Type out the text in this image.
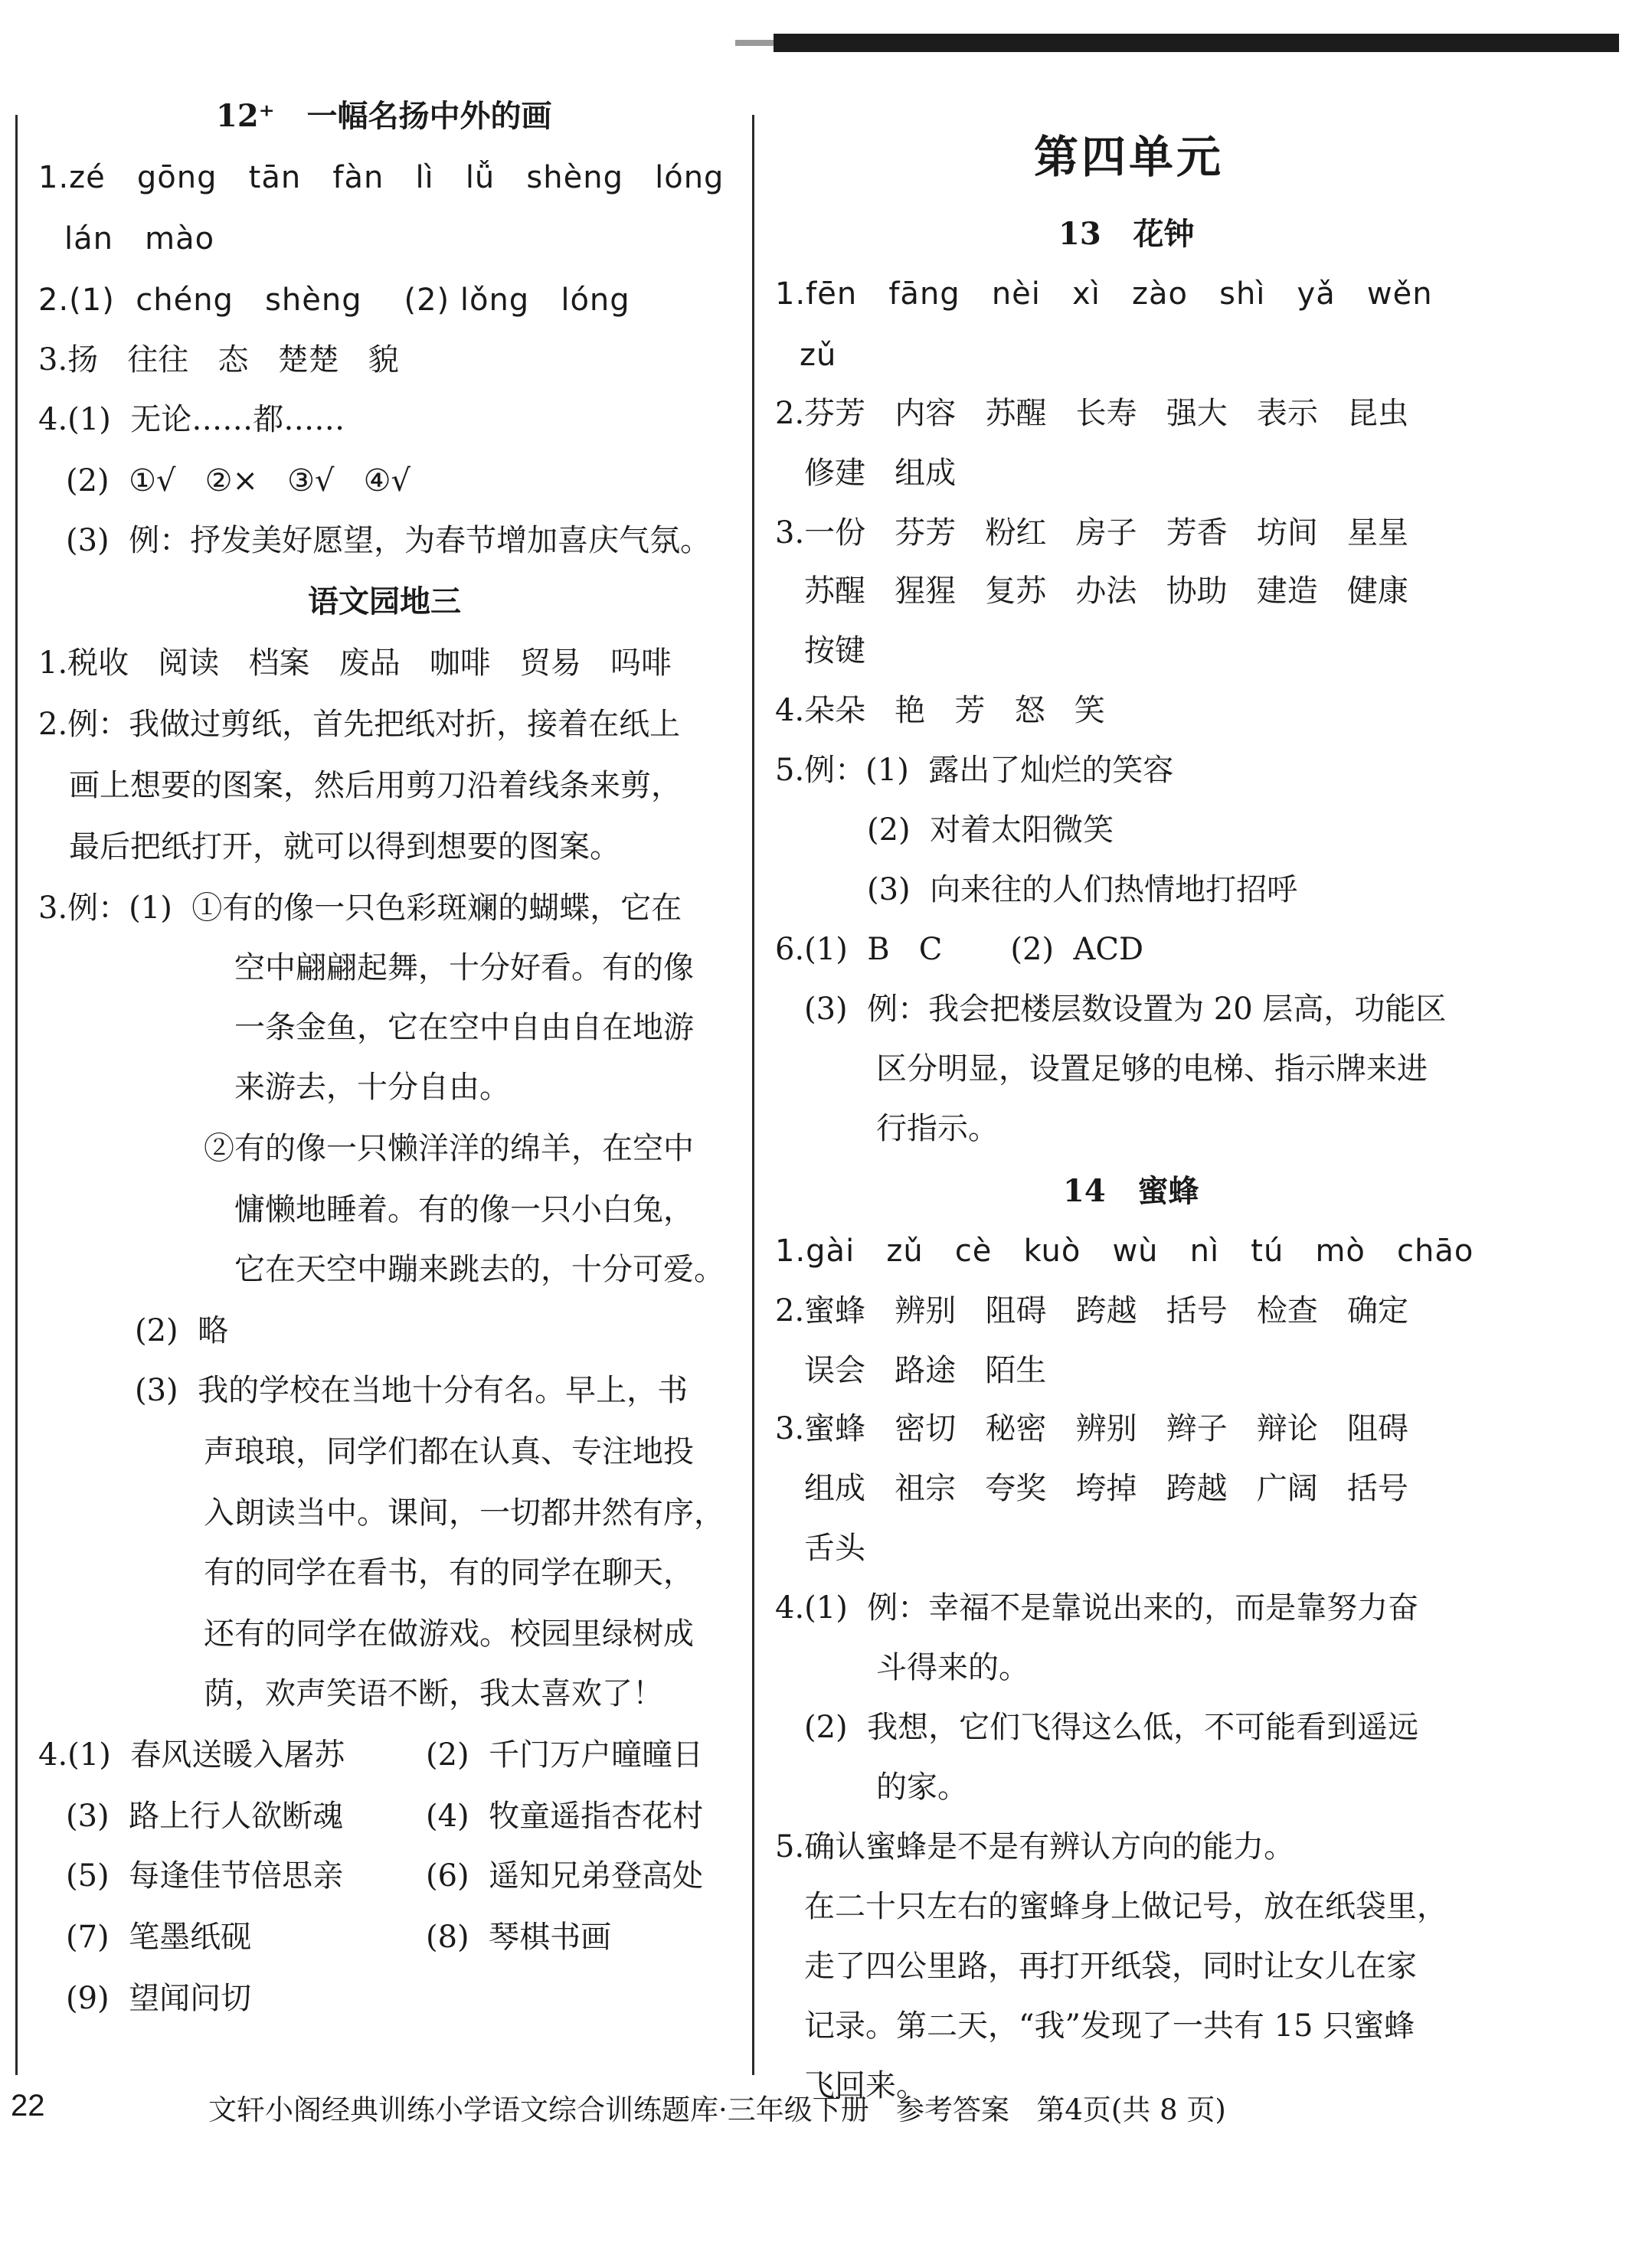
12⁺   一幅名扬中外的画
1.zé   gōng   tān   fàn   lì   lǚ   shèng   lóng
lán   mào
2.(1)  chéng   shèng    (2) lǒng   lóng
3.扬   往往   态   楚楚   貌
4.(1)  无论……都……
(2)  ①√   ②×   ③√   ④√
(3)  例：抒发美好愿望，为春节增加喜庆气氛。
语文园地三
1.税收   阅读   档案   废品   咖啡   贸易   吗啡
2.例：我做过剪纸，首先把纸对折，接着在纸上
画上想要的图案，然后用剪刀沿着线条来剪，
最后把纸打开，就可以得到想要的图案。
3.例：(1)  ①有的像一只色彩斑斓的蝴蝶，它在
空中翩翩起舞，十分好看。有的像
一条金鱼，它在空中自由自在地游
来游去，十分自由。
②有的像一只懒洋洋的绵羊，在空中
慵懒地睡着。有的像一只小白兔，
它在天空中蹦来跳去的，十分可爱。
(2)  略
(3)  我的学校在当地十分有名。早上，书
声琅琅，同学们都在认真、专注地投
入朗读当中。课间，一切都井然有序，
有的同学在看书，有的同学在聊天，
还有的同学在做游戏。校园里绿树成
荫，欢声笑语不断，我太喜欢了！
4.(1)  春风送暖入屠苏	(2)  千门万户曈曈日
(3)  路上行人欲断魂	(4)  牧童遥指杏花村
(5)  每逢佳节倍思亲	(6)  遥知兄弟登高处
(7)  笔墨纸砚	(8)  琴棋书画
(9)  望闻问切
第四单元
13   花钟
1.fēn   fāng   nèi   xì   zào   shì   yǎ   wěn
zǔ
2.芬芳   内容   苏醒   长寿   强大   表示   昆虫
修建   组成
3.一份   芬芳   粉红   房子   芳香   坊间   星星
苏醒   猩猩   复苏   办法   协助   建造   健康
按键
4.朵朵   艳   芳   怒   笑
5.例：(1)  露出了灿烂的笑容
(2)  对着太阳微笑
(3)  向来往的人们热情地打招呼
6.(1)  B   C       (2)  ACD
(3)  例：我会把楼层数设置为 20 层高，功能区
区分明显，设置足够的电梯、指示牌来进
行指示。
14   蜜蜂
1.gài   zǔ   cè   kuò   wù   nì   tú   mò   chāo
2.蜜蜂   辨别   阻碍   跨越   括号   检查   确定
误会   路途   陌生
3.蜜蜂   密切   秘密   辨别   辫子   辩论   阻碍
组成   祖宗   夸奖   垮掉   跨越   广阔   括号
舌头
4.(1)  例：幸福不是靠说出来的，而是靠努力奋
斗得来的。
(2)  我想，它们飞得这么低，不可能看到遥远
的家。
5.确认蜜蜂是不是有辨认方向的能力。
在二十只左右的蜜蜂身上做记号，放在纸袋里，
走了四公里路，再打开纸袋，同时让女儿在家
记录。第二天，“我”发现了一共有 15 只蜜蜂
飞回来。
22	文轩小阁经典训练小学语文综合训练题库·三年级下册   参考答案   第4页(共 8 页)
